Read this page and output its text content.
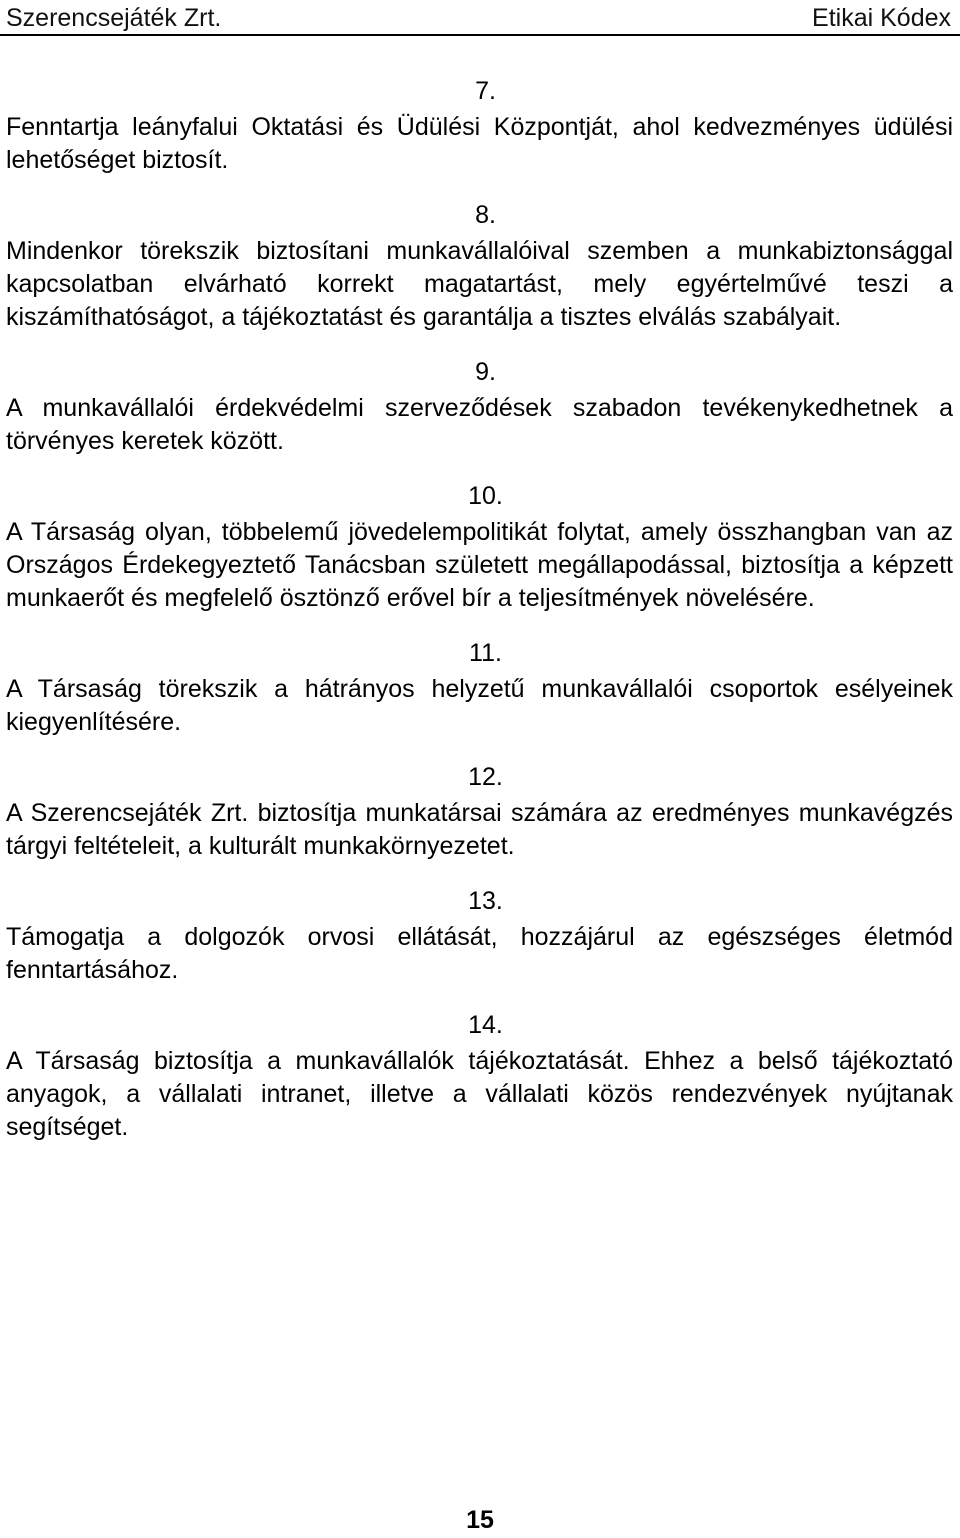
Szerencsejáték Zrt.	Etikai Kódex
7.
Fenntartja leányfalui Oktatási és Üdülési Központját, ahol kedvezményes üdülési lehetőséget biztosít.
8.
Mindenkor törekszik biztosítani munkavállalóival szemben a munkabiztonsággal kapcsolatban elvárható korrekt magatartást, mely egyértelművé teszi a kiszámíthatóságot, a tájékoztatást és garantálja a tisztes elválás szabályait.
9.
A munkavállalói érdekvédelmi szerveződések szabadon tevékenykedhetnek a törvényes keretek között.
10.
A Társaság olyan, többelemű jövedelempolitikát folytat, amely összhangban van az Országos Érdekegyeztető Tanácsban született megállapodással, biztosítja a képzett munkaerőt és megfelelő ösztönző erővel bír a teljesítmények növelésére.
11.
A Társaság törekszik a hátrányos helyzetű munkavállalói csoportok esélyeinek kiegyenlítésére.
12.
A Szerencsejáték Zrt. biztosítja munkatársai számára az eredményes munkavégzés tárgyi feltételeit, a kulturált munkakörnyezetet.
13.
Támogatja a dolgozók orvosi ellátását, hozzájárul az egészséges életmód fenntartásához.
14.
A Társaság biztosítja a munkavállalók tájékoztatását. Ehhez a belső tájékoztató anyagok, a vállalati intranet, illetve a vállalati közös rendezvények nyújtanak segítséget.
15
